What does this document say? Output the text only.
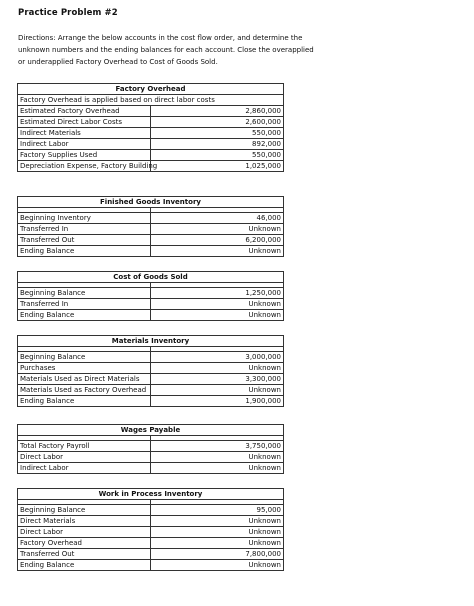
Practice Problem #2
Directions: Arrange the below accounts in the cost flow order, and determine the unknown numbers and the ending balances for each account. Close the overapplied or underapplied Factory Overhead to Cost of Goods Sold.
Factory Overhead	
Factory Overhead is applied based on direct labor costs	
Estimated Factory Overhead	2,860,000
Estimated Direct Labor Costs	2,600,000
Indirect Materials	550,000
Indirect Labor	892,000
Factory Supplies Used	550,000
Depreciation Expense, Factory Building	1,025,000
Finished Goods Inventory	

Beginning Inventory	46,000
Transferred In	Unknown
Transferred Out	6,200,000
Ending Balance	Unknown
Cost of Goods Sold	

Beginning Balance	1,250,000
Transferred In	Unknown
Ending Balance	Unknown
Materials Inventory	

Beginning Balance	3,000,000
Purchases	Unknown
Materials Used as Direct Materials	3,300,000
Materials Used as Factory Overhead	Unknown
Ending Balance	1,900,000
Wages Payable	

Total Factory Payroll	3,750,000
Direct Labor	Unknown
Indirect Labor	Unknown
Work in Process Inventory	

Beginning Balance	95,000
Direct Materials	Unknown
Direct Labor	Unknown
Factory Overhead	Unknown
Transferred Out	7,800,000
Ending Balance	Unknown
